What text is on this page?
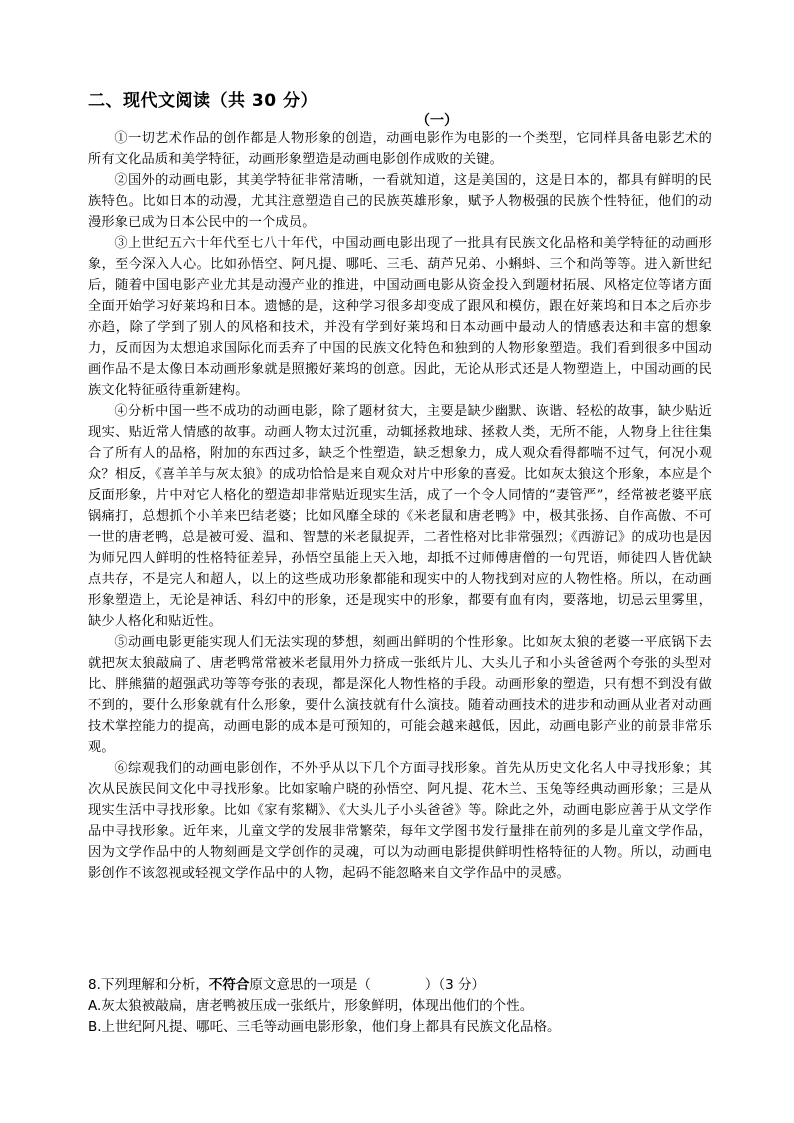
二、现代文阅读（共 30 分）
（一）

①一切艺术作品的创作都是人物形象的创造，动画电影作为电影的一个类型，它同样具备电影艺术的所有文化品质和美学特征，动画形象塑造是动画电影创作成败的关键。

②国外的动画电影，其美学特征非常清晰，一看就知道，这是美国的，这是日本的，都具有鲜明的民族特色。比如日本的动漫，尤其注意塑造自己的民族英雄形象，赋予人物极强的民族个性特征，他们的动漫形象已成为日本公民中的一个成员。

③上世纪五六十年代至七八十年代，中国动画电影出现了一批具有民族文化品格和美学特征的动画形象，至今深入人心。比如孙悟空、阿凡提、哪吒、三毛、葫芦兄弟、小蝌蚪、三个和尚等等。进入新世纪后，随着中国电影产业尤其是动漫产业的推进，中国动画电影从资金投入到题材拓展、风格定位等诸方面全面开始学习好莱坞和日本。遗憾的是，这种学习很多却变成了跟风和模仿，跟在好莱坞和日本之后亦步亦趋，除了学到了别人的风格和技术，并没有学到好莱坞和日本动画中最动人的情感表达和丰富的想象力，反而因为太想追求国际化而丢弃了中国的民族文化特色和独到的人物形象塑造。我们看到很多中国动画作品不是太像日本动画形象就是照搬好莱坞的创意。因此，无论从形式还是人物塑造上，中国动画的民族文化特征亟待重新建构。

④分析中国一些不成功的动画电影，除了题材贫大，主要是缺少幽默、诙谐、轻松的故事，缺少贴近现实、贴近常人情感的故事。动画人物太过沉重，动辄拯救地球、拯救人类，无所不能，人物身上往往集合了所有人的品格，附加的东西过多，缺乏个性塑造，缺乏想象力，成人观众看得都喘不过气，何况小观众？相反，《喜羊羊与灰太狼》的成功恰恰是来自观众对片中形象的喜爱。比如灰太狼这个形象，本应是个反面形象，片中对它人格化的塑造却非常贴近现实生活，成了一个令人同情的“妻管严”，经常被老婆平底锅痛打，总想抓个小羊来巴结老婆；比如风靡全球的《米老鼠和唐老鸭》中，极其张扬、自作高傲、不可一世的唐老鸭，总是被可爱、温和、智慧的米老鼠捉弄，二者性格对比非常强烈；《西游记》的成功也是因为师兄四人鲜明的性格特征差异，孙悟空虽能上天入地，却抵不过师傅唐僧的一句咒语，师徒四人皆优缺点共存，不是完人和超人，以上的这些成功形象都能和现实中的人物找到对应的人物性格。所以，在动画形象塑造上，无论是神话、科幻中的形象，还是现实中的形象，都要有血有肉，要落地，切忌云里雾里，缺少人格化和贴近性。

⑤动画电影更能实现人们无法实现的梦想，刻画出鲜明的个性形象。比如灰太狼的老婆一平底锅下去就把灰太狼敲扁了、唐老鸭常常被米老鼠用外力挤成一张纸片儿、大头儿子和小头爸爸两个夸张的头型对比、胖熊猫的超强武功等等夸张的表现，都是深化人物性格的手段。动画形象的塑造，只有想不到没有做不到的，要什么形象就有什么形象，要什么演技就有什么演技。随着动画技术的进步和动画从业者对动画技术掌控能力的提高，动画电影的成本是可预知的，可能会越来越低，因此，动画电影产业的前景非常乐观。

⑥综观我们的动画电影创作，不外乎从以下几个方面寻找形象。首先从历史文化名人中寻找形象；其次从民族民间文化中寻找形象。比如家喻户晓的孙悟空、阿凡提、花木兰、玉兔等经典动画形象；三是从现实生活中寻找形象。比如《家有浆糊》、《大头儿子小头爸爸》等。除此之外，动画电影应善于从文学作品中寻找形象。近年来，儿童文学的发展非常繁荣，每年文学图书发行量排在前列的多是儿童文学作品，因为文学作品中的人物刻画是文学创作的灵魂，可以为动画电影提供鲜明性格特征的人物。所以，动画电影创作不该忽视或轻视文学作品中的人物，起码不能忽略来自文学作品中的灵感。

8.下列理解和分析，不符合原文意思的一项是（　　　　）（3 分）
A.灰太狼被敲扁，唐老鸭被压成一张纸片，形象鲜明，体现出他们的个性。
B.上世纪阿凡提、哪吒、三毛等动画电影形象，他们身上都具有民族文化品格。
